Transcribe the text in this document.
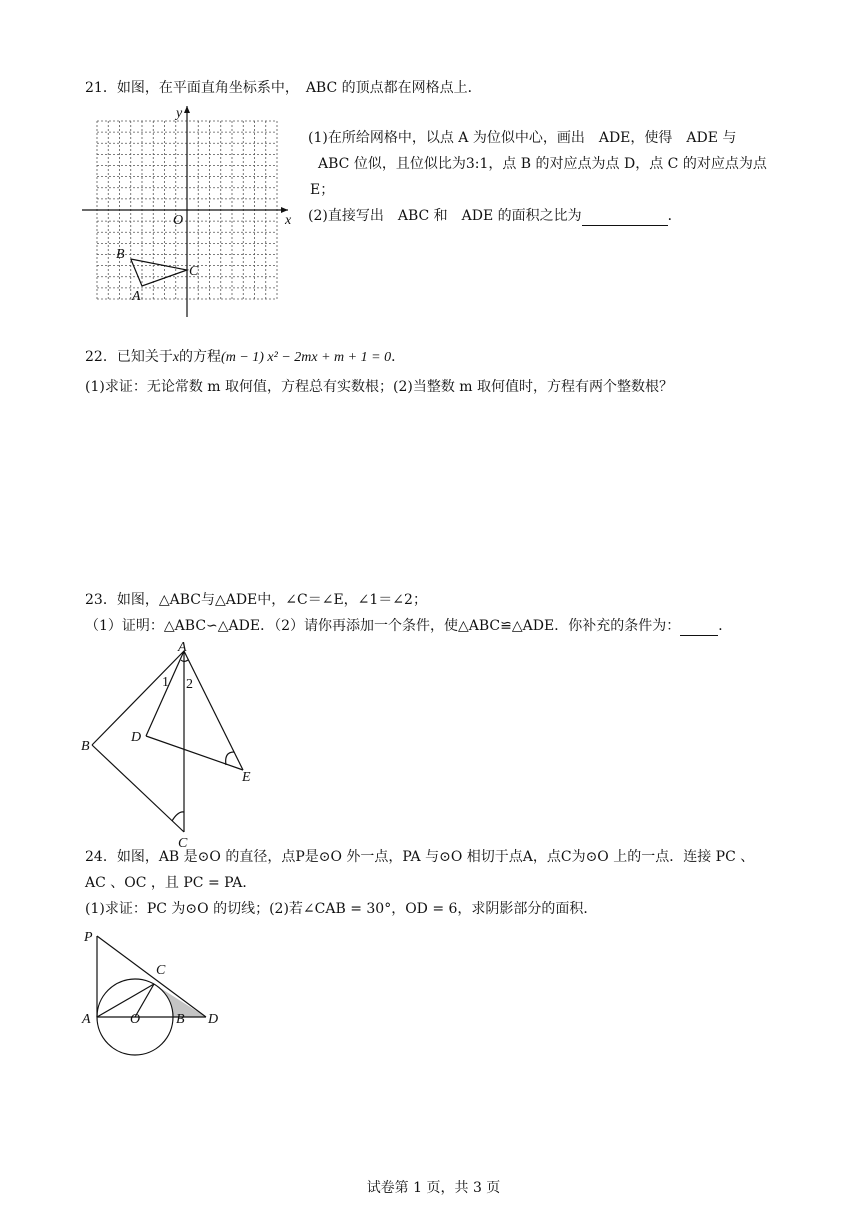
21．如图，在平面直角坐标系中，　ABC 的顶点都在网格点上．
y
x
O
B
C
A
(1)在所给网格中，以点 A 为位似中心，画出　ADE，使得　ADE 与
ABC 位似，且位似比为3:1，点 B 的对应点为点 D，点 C 的对应点为点
E；
(2)直接写出　ABC 和　ADE 的面积之比为	．
22．已知关于x的方程(m − 1) x² − 2mx + m + 1 = 0．
(1)求证：无论常数 m 取何值，方程总有实数根；(2)当整数 m 取何值时，方程有两个整数根？
23．如图，△ABC与△ADE中，∠C＝∠E，∠1＝∠2；
（1）证明：△ABC∽△ADE．（2）请你再添加一个条件，使△ABC≌△ADE．你补充的条件为：	．
A
B
C
D
E
1 2
24．如图，AB 是⊙O 的直径，点P是⊙O 外一点，PA 与⊙O 相切于点A，点C为⊙O 上的一点．连接 PC 、
AC 、OC ，且 PC = PA．
(1)求证：PC 为⊙O 的切线；(2)若∠CAB = 30°，OD = 6，求阴影部分的面积．
P
C
A	O	B D
试卷第 1 页，共 3 页
